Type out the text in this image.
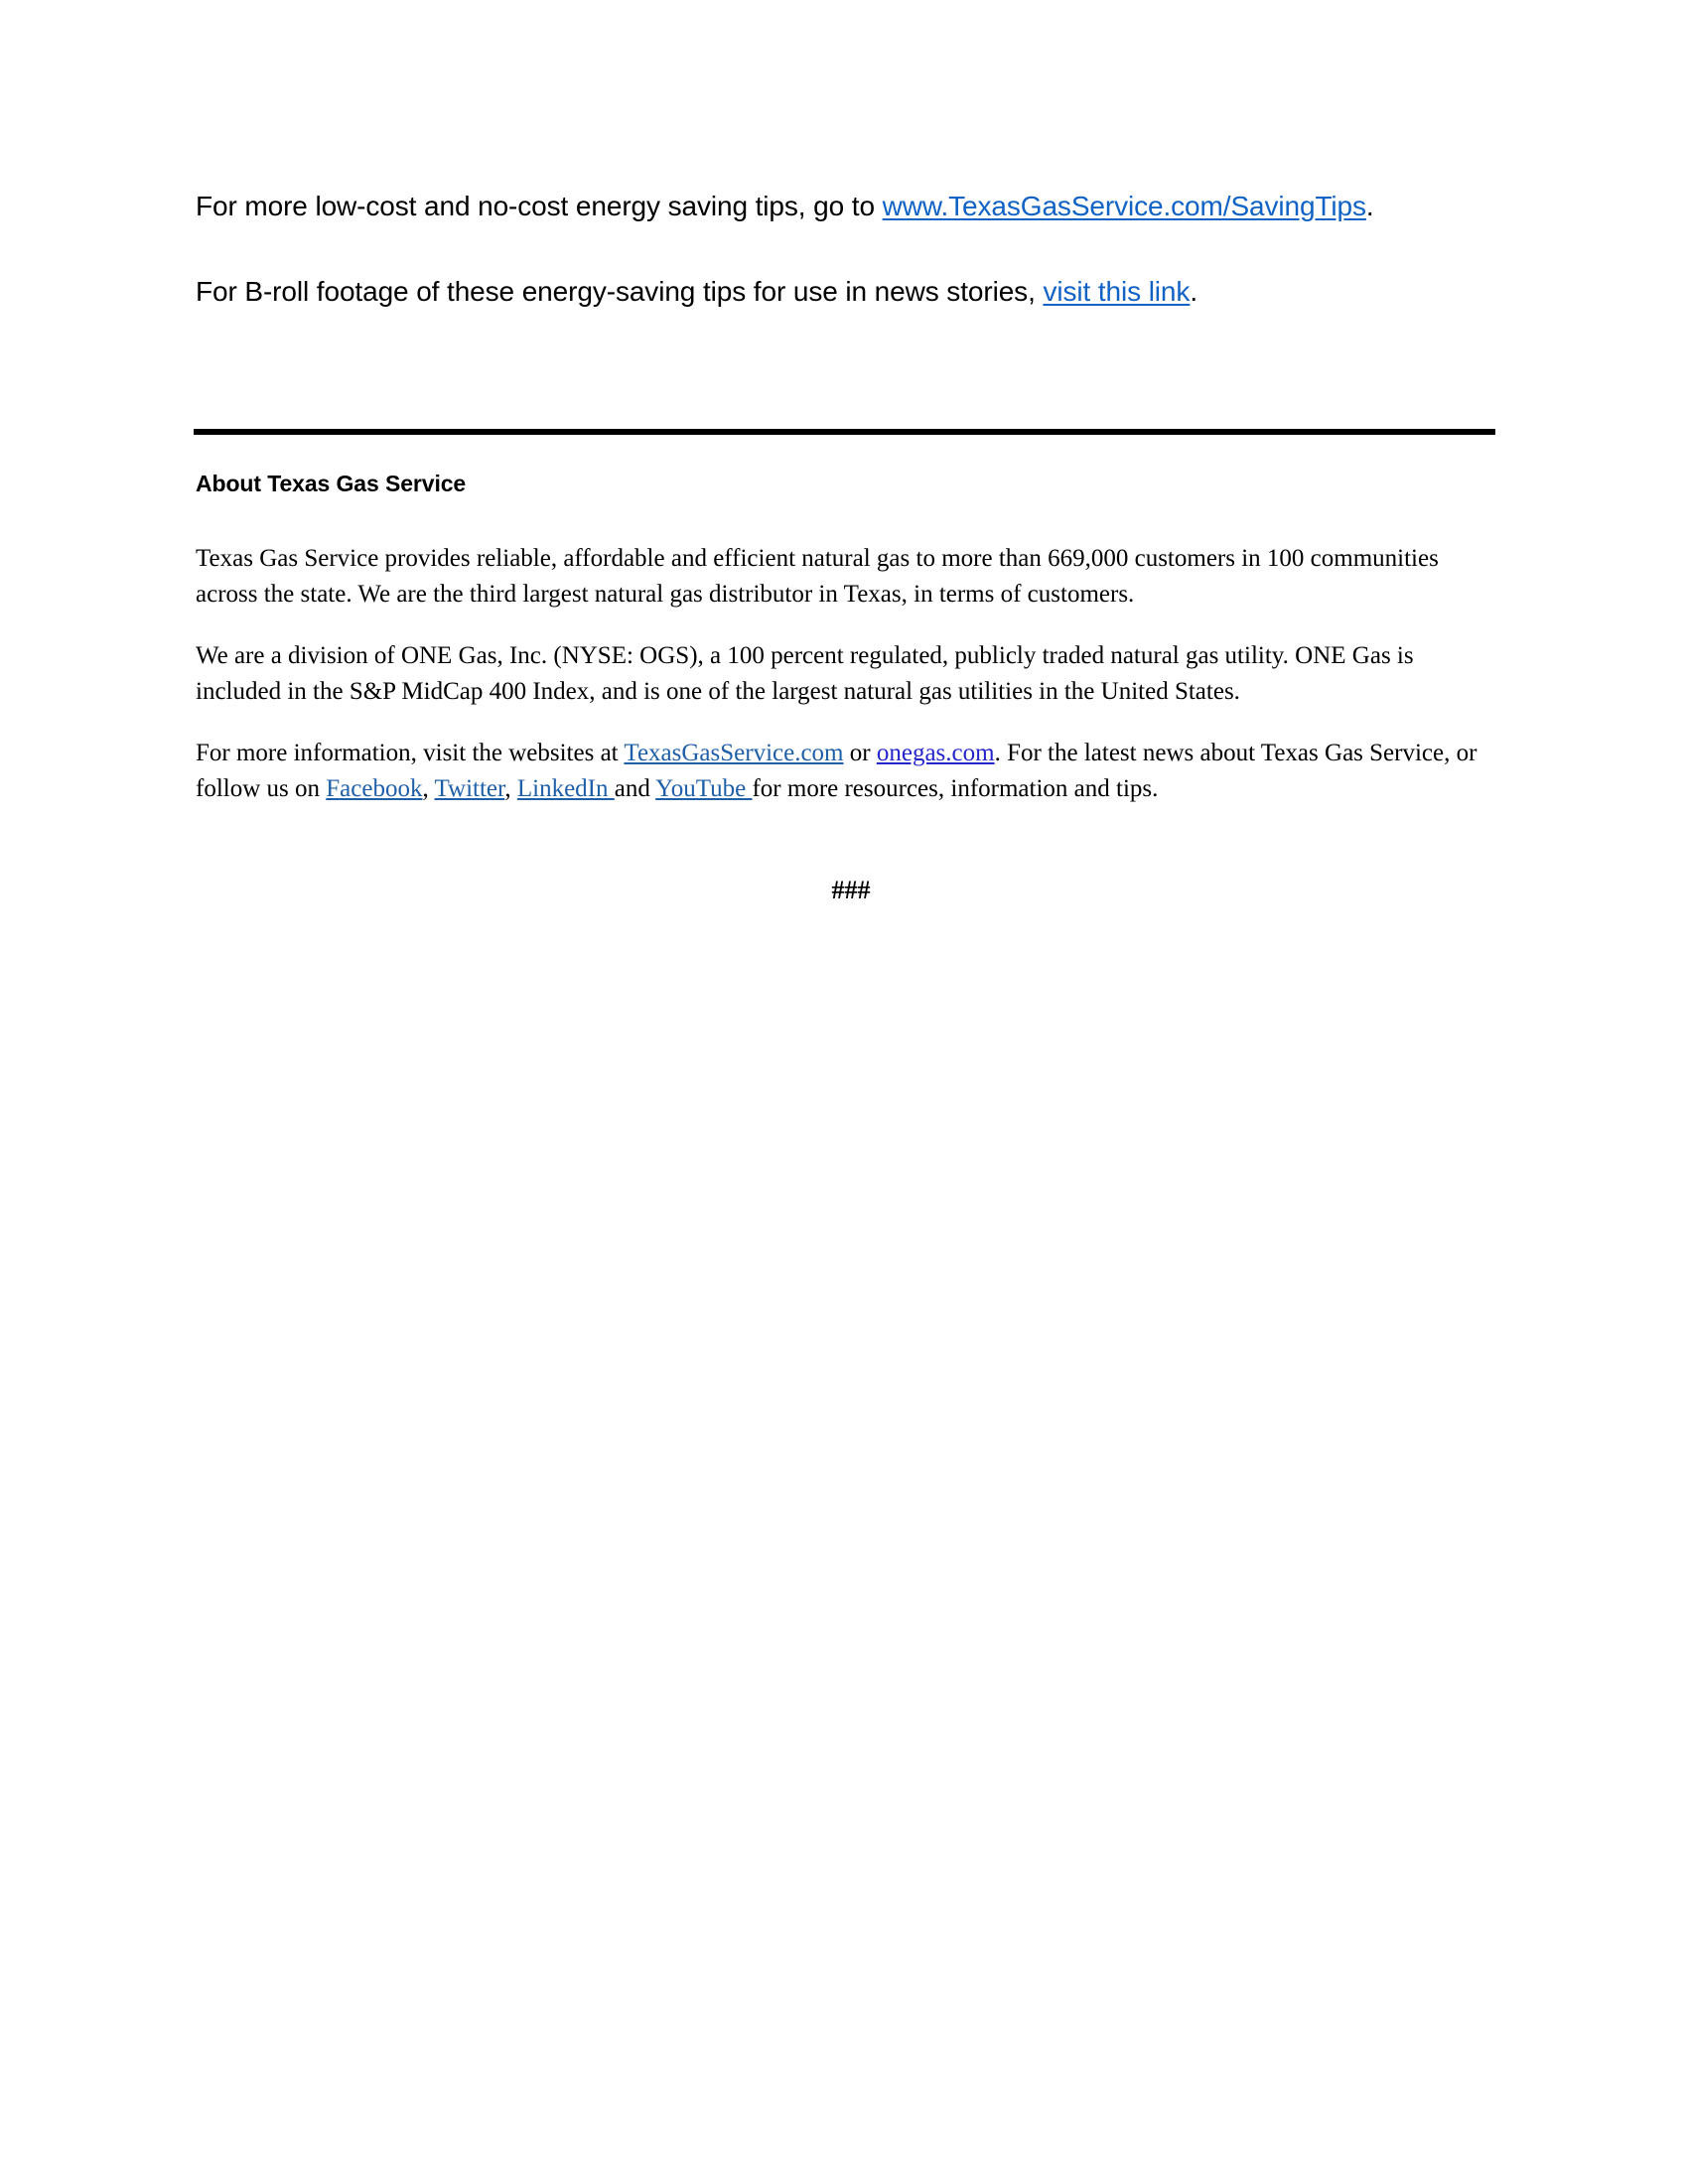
For more low-cost and no-cost energy saving tips, go to www.TexasGasService.com/SavingTips.

For B-roll footage of these energy-saving tips for use in news stories, visit this link.

About Texas Gas Service

Texas Gas Service provides reliable, affordable and efficient natural gas to more than 669,000 customers in 100 communities across the state. We are the third largest natural gas distributor in Texas, in terms of customers.

We are a division of ONE Gas, Inc. (NYSE: OGS), a 100 percent regulated, publicly traded natural gas utility. ONE Gas is included in the S&P MidCap 400 Index, and is one of the largest natural gas utilities in the United States.

For more information, visit the websites at TexasGasService.com or onegas.com. For the latest news about Texas Gas Service, or follow us on Facebook, Twitter, LinkedIn and YouTube for more resources, information and tips.

###
